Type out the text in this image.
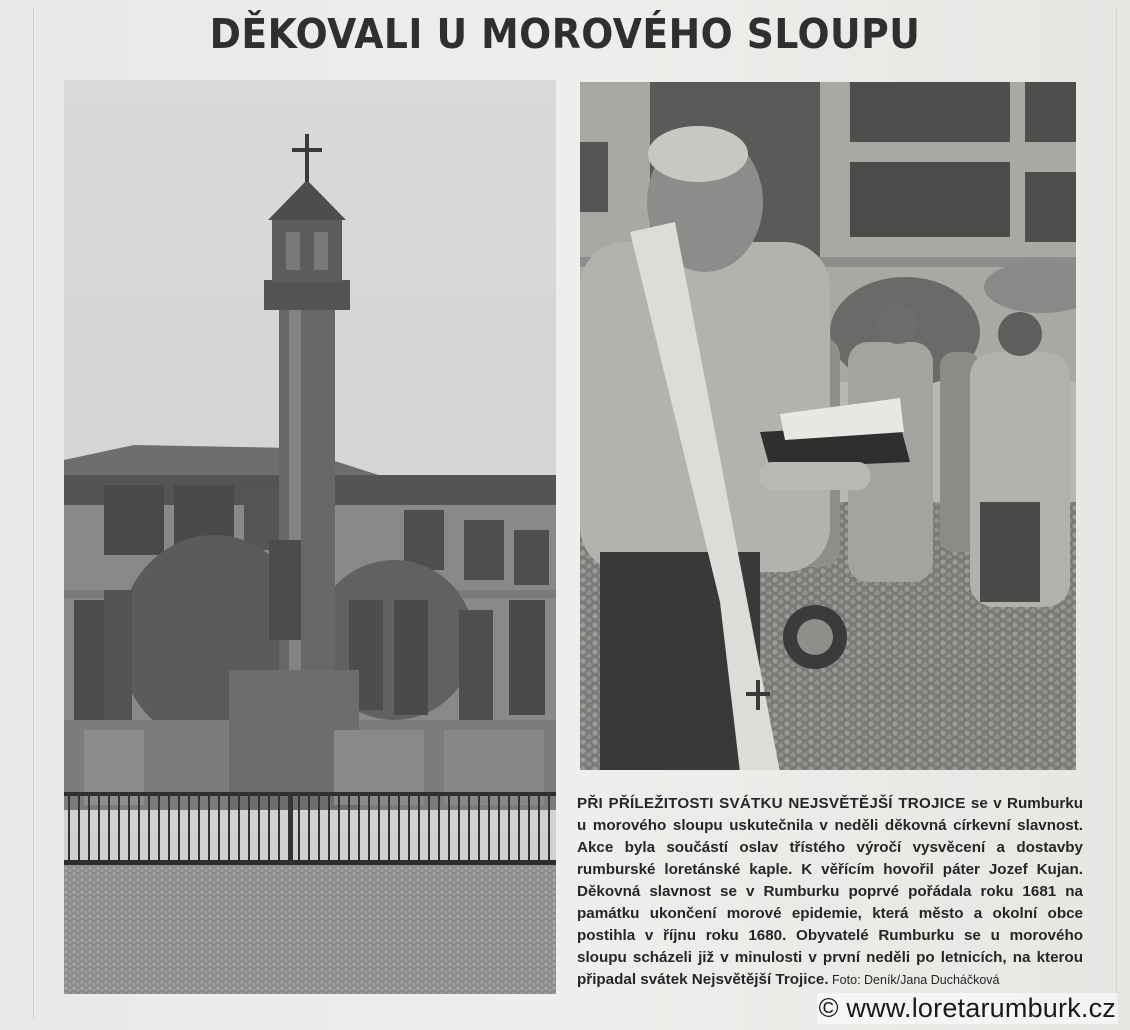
DĚKOVALI U MOROVÉHO SLOUPU
PŘI PŘÍLEŽITOSTI SVÁTKU NEJSVĚTĚJŠÍ TROJICE se v Rumburku u morového sloupu uskutečnila v neděli děkovná církevní slavnost. Akce byla součástí oslav třístého výročí vysvěcení a dostavby rumburské loretánské kaple. K věřícím hovořil páter Jozef Kujan. Děkovná slavnost se v Rumburku poprvé pořádala roku 1681 na památku ukončení morové epidemie, která město a okolní obce postihla v říjnu roku 1680. Obyvatelé Rumburku se u morového sloupu scházeli již v minulosti v první neděli po letnicích, na kterou připadal svátek Nejsvětější Trojice. Foto: Deník/Jana Ducháčková
© www.loretarumburk.cz
